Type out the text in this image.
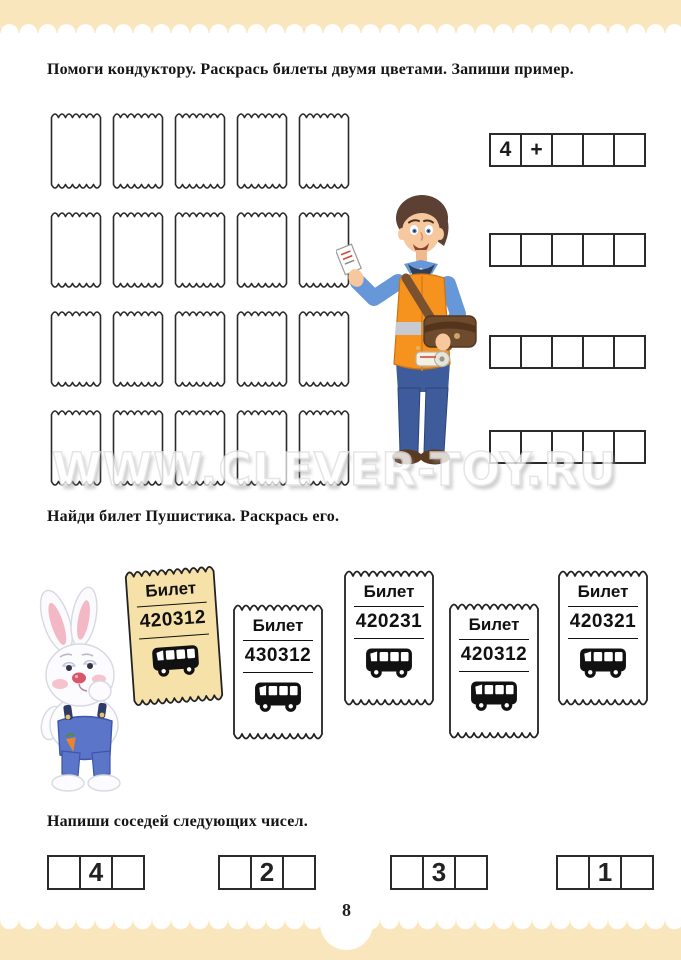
8
Помоги кондуктору. Раскрась билеты двумя цветами. Запиши пример.
4 +
WWW.CLEVER-TOY.RU
Найди билет Пушистика. Раскрась его.
Билет
420312	Билет
430312
Билет
420231	Билет
420312
Билет
420321
Напиши соседей следующих чисел.
4	2	3	1
